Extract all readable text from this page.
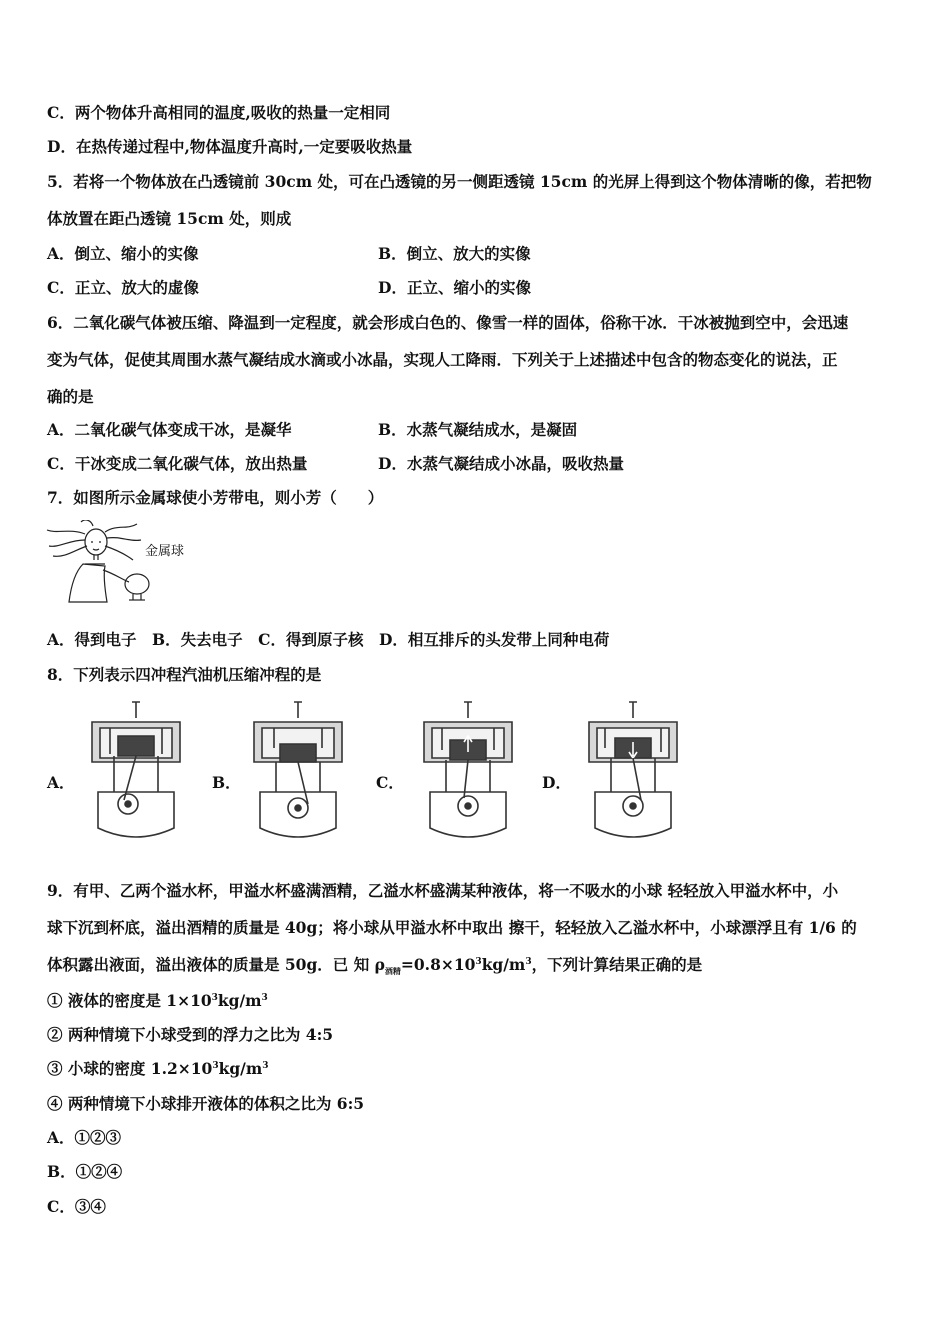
C．两个物体升高相同的温度,吸收的热量一定相同
D．在热传递过程中,物体温度升高时,一定要吸收热量
5．若将一个物体放在凸透镜前 30cm 处，可在凸透镜的另一侧距透镜 15cm 的光屏上得到这个物体清晰的像，若把物
体放置在距凸透镜 15cm 处，则成
A．倒立、缩小的实像	B．倒立、放大的实像
C．正立、放大的虚像	D．正立、缩小的实像
6．二氧化碳气体被压缩、降温到一定程度，就会形成白色的、像雪一样的固体，俗称干冰．干冰被抛到空中，会迅速
变为气体，促使其周围水蒸气凝结成水滴或小冰晶，实现人工降雨．下列关于上述描述中包含的物态变化的说法，正
确的是
A．二氧化碳气体变成干冰，是凝华	B．水蒸气凝结成水，是凝固
C．干冰变成二氧化碳气体，放出热量	D．水蒸气凝结成小冰晶，吸收热量
7．如图所示金属球使小芳带电，则小芳（　　）
金属球
A．得到电子　B．失去电子　C．得到原子核　D．相互排斥的头发带上同种电荷
8．下列表示四冲程汽油机压缩冲程的是
A．	B．	C．	D．
9．有甲、乙两个溢水杯，甲溢水杯盛满酒精，乙溢水杯盛满某种液体，将一不吸水的小球 轻轻放入甲溢水杯中，小
球下沉到杯底，溢出酒精的质量是 40g；将小球从甲溢水杯中取出 擦干，轻轻放入乙溢水杯中，小球漂浮且有 1/6 的
体积露出液面，溢出液体的质量是 50g．已 知 $\rho_{酒精}=0.8\times 10^3kg/m^3$，下列计算结果正确的是
① 液体的密度是 $1\times 10^3kg/m^3$
② 两种情境下小球受到的浮力之比为 4:5
③ 小球的密度 $1.2\times 10^3kg/m^3$
④ 两种情境下小球排开液体的体积之比为 6:5
A．①②③
B．①②④
C．③④
